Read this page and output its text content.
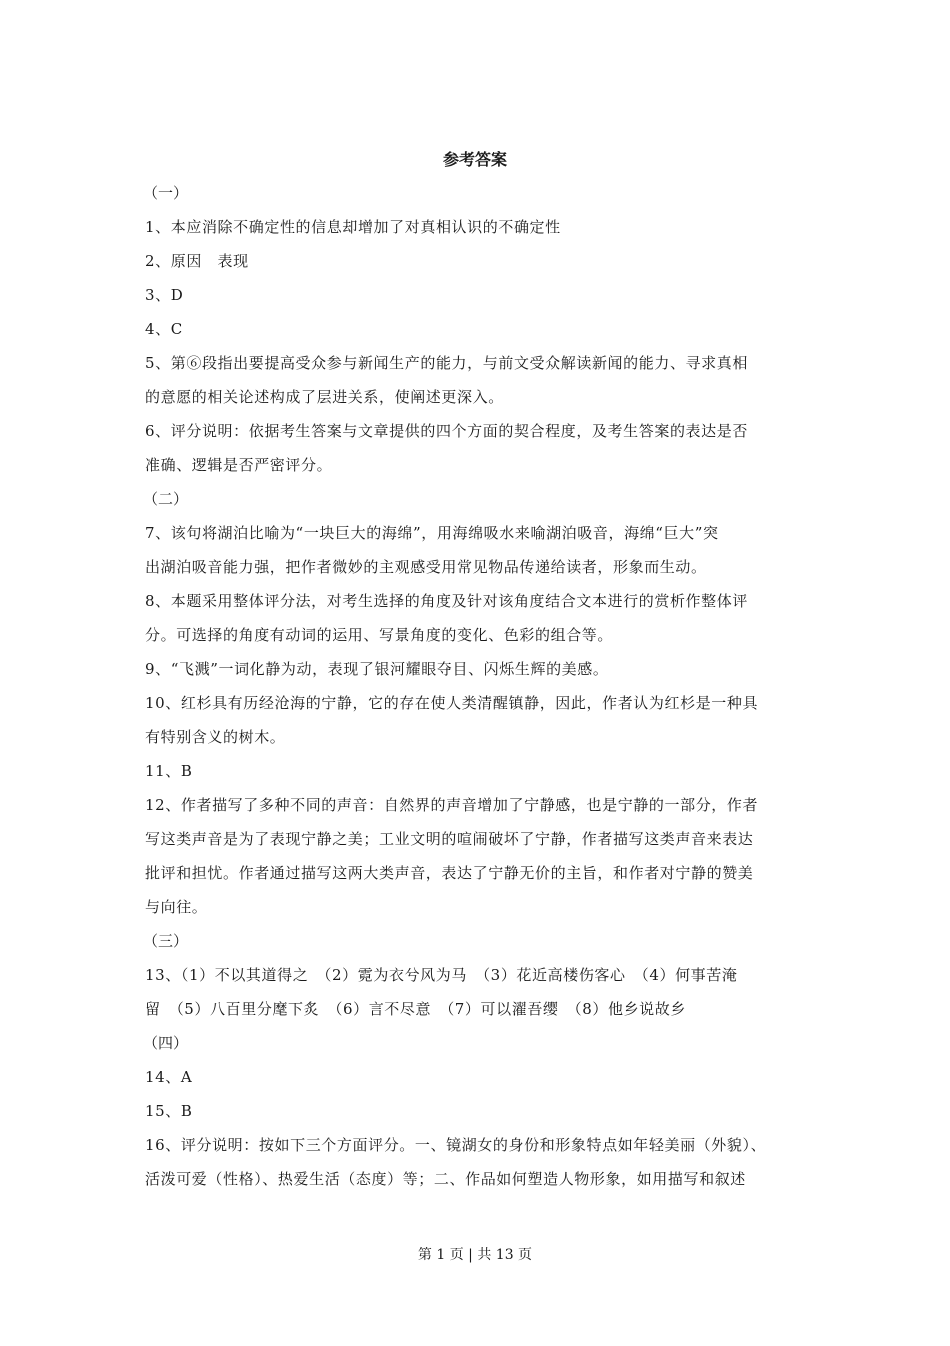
参考答案
（一）
1、本应消除不确定性的信息却增加了对真相认识的不确定性
2、原因　表现
3、D
4、C
5、第⑥段指出要提高受众参与新闻生产的能力，与前文受众解读新闻的能力、寻求真相
的意愿的相关论述构成了层进关系，使阐述更深入。
6、评分说明：依据考生答案与文章提供的四个方面的契合程度，及考生答案的表达是否
准确、逻辑是否严密评分。
（二）
7、该句将湖泊比喻为“一块巨大的海绵”，用海绵吸水来喻湖泊吸音，海绵“巨大”突
出湖泊吸音能力强，把作者微妙的主观感受用常见物品传递给读者，形象而生动。
8、本题采用整体评分法，对考生选择的角度及针对该角度结合文本进行的赏析作整体评
分。可选择的角度有动词的运用、写景角度的变化、色彩的组合等。
9、“飞溅”一词化静为动，表现了银河耀眼夺目、闪烁生辉的美感。
10、红杉具有历经沧海的宁静，它的存在使人类清醒镇静，因此，作者认为红杉是一种具
有特别含义的树木。
11、B
12、作者描写了多种不同的声音：自然界的声音增加了宁静感，也是宁静的一部分，作者
写这类声音是为了表现宁静之美；工业文明的喧闹破坏了宁静，作者描写这类声音来表达
批评和担忧。作者通过描写这两大类声音，表达了宁静无价的主旨，和作者对宁静的赞美
与向往。
（三）
13、（1）不以其道得之　（2）霓为衣兮风为马　（3）花近高楼伤客心　（4）何事苦淹
留　（5）八百里分麾下炙　（6）言不尽意　（7）可以濯吾缨　（8）他乡说故乡
（四）
14、A
15、B
16、评分说明：按如下三个方面评分。一、镜湖女的身份和形象特点如年轻美丽（外貌）、
活泼可爱（性格）、热爱生活（态度）等；二、作品如何塑造人物形象，如用描写和叙述
第 1 页 | 共 13 页
